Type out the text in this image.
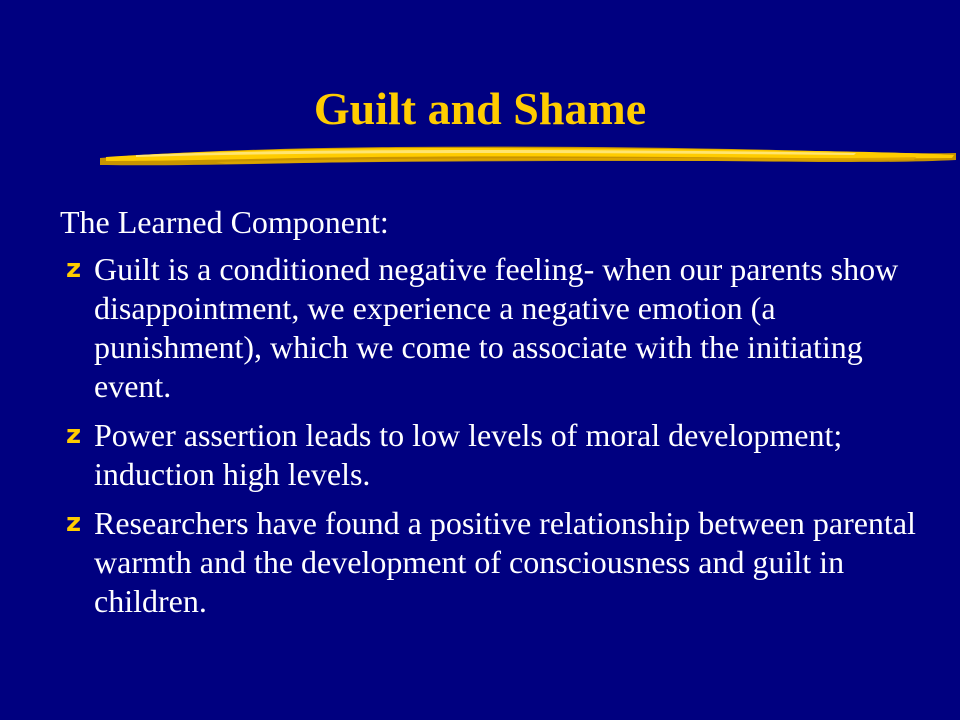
Guilt and Shame
The Learned Component:
z Guilt is a conditioned negative feeling- when our parents show disappointment, we experience a negative emotion (a punishment), which we come to associate with the initiating event.
z Power assertion leads to low levels of moral development; induction high levels.
z Researchers have found a positive relationship between parental warmth and the development of consciousness and guilt in children.
